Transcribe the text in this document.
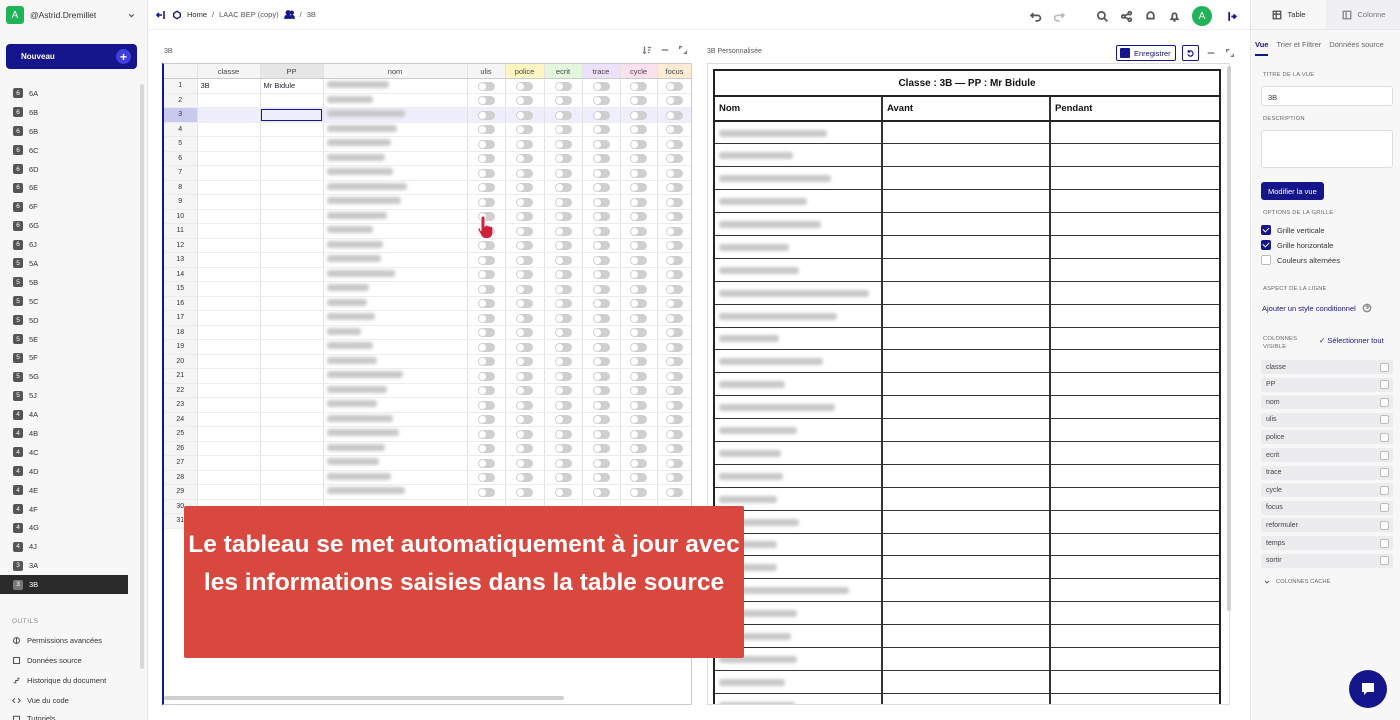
A	@Astrid.Dremillet
Nouveau	+
6	6A
6	6B
6	6B
6	6C
6	6D
6	6E
6	6F
6	6G
6	6J
5	5A
5	5B
5	5C
5	5D
5	5E
5	5F
5	5G
5	5J
4	4A
4	4B
4	4C
4	4D
4	4E
4	4F
4	4G
4	4J
3	3A
3	3B
OUTILS
Permissions avancées
Données source
Historique du document
Vue du code
Tutoriels
Home / LAAC BEP (copy)	/ 3B	A
3B
	classe	PP	nom	ulis	police	ecrit	trace	cycle	focus
1	3B	Mr Bidule							
2									
3									
4									
5									
6									
7									
8									
9									
10									
11									
12									
13									
14									
15									
16									
17									
18									
19									
20									
21									
22									
23									
24									
25									
26									
27									
28									
29									
30									
31									
3B Personnalisée	Enregistrer
Classe : 3B — PP : Mr Bidule
Nom	Avant	Pendant

Le tableau se met automatiquement à jour avec les informations saisies dans la table source
Table	Colonne
Vue Trier et Filtrer Données source
TITRE DE LA VUE
3B
DESCRIPTION
Modifier la vue
OPTIONS DE LA GRILLE
Grille verticale
Grille horizontale
Couleurs alternées
ASPECT DE LA LIGNE
Ajouter un style conditionnel
COLONNES VISIBLE
✓ Sélectionner tout
classe
PP
nom
ulis
police
ecrit
trace
cycle
focus
reformuler
temps
sortir
COLONNES CACHÉ
